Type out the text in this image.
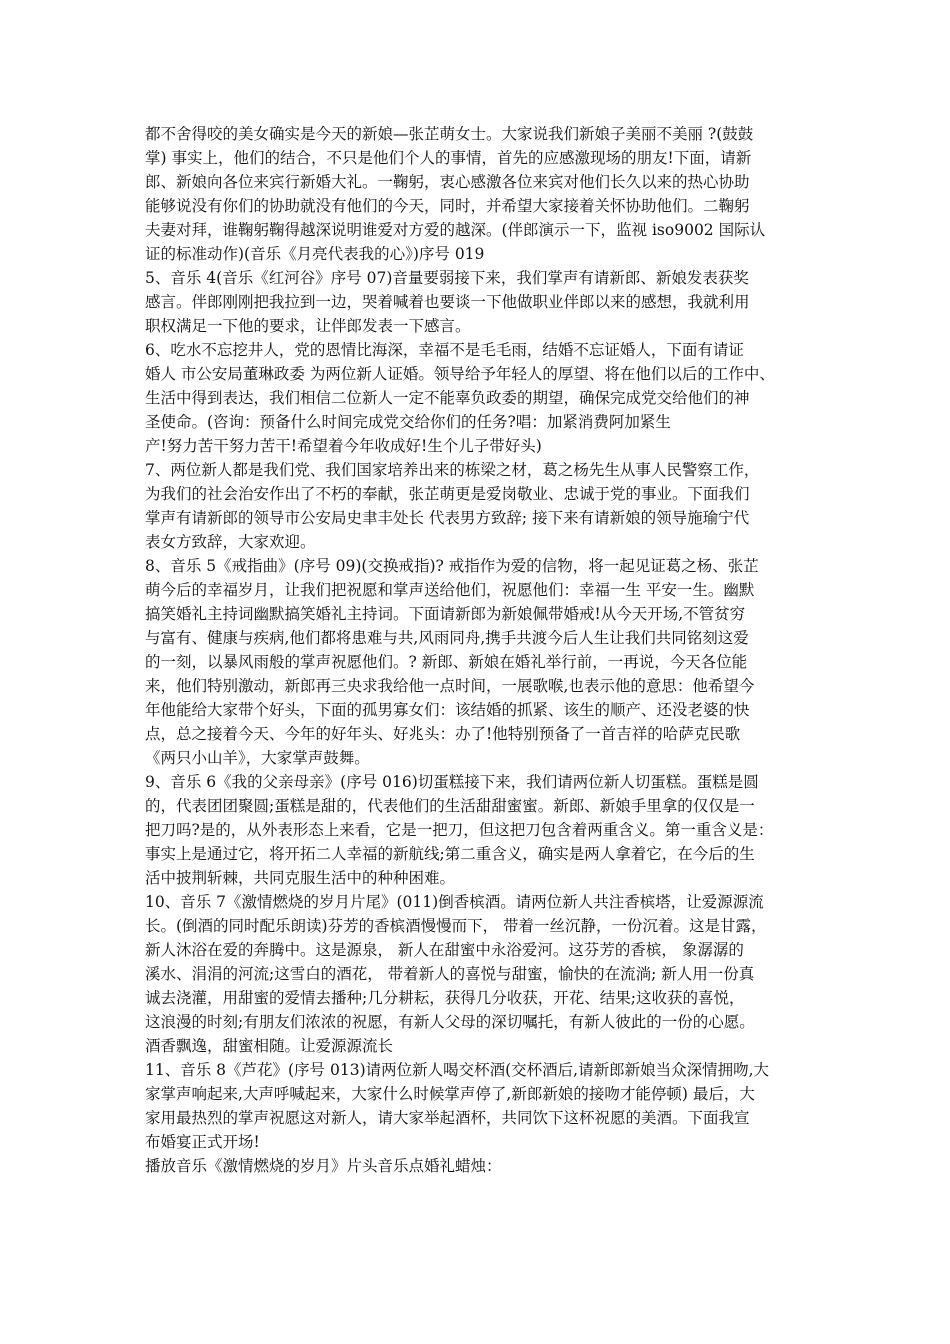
都不舍得咬的美女确实是今天的新娘—张芷萌女士。大家说我们新娘子美丽不美丽 ?(鼓鼓
掌) 事实上，他们的结合，不只是他们个人的事情，首先的应感激现场的朋友!下面，请新
郎、新娘向各位来宾行新婚大礼。一鞠躬，衷心感激各位来宾对他们长久以来的热心协助
能够说没有你们的协助就没有他们的今天，同时，并希望大家接着关怀协助他们。二鞠躬
夫妻对拜，谁鞠躬鞠得越深说明谁爱对方爱的越深。(伴郎演示一下，监视 iso9002 国际认
证的标准动作)(音乐《月亮代表我的心》)序号 019
5、音乐 4(音乐《红河谷》序号 07)音量要弱接下来，我们掌声有请新郎、新娘发表获奖
感言。伴郎刚刚把我拉到一边，哭着喊着也要谈一下他做职业伴郎以来的感想，我就利用
职权满足一下他的要求，让伴郎发表一下感言。
6、吃水不忘挖井人，党的恩情比海深，幸福不是毛毛雨，结婚不忘证婚人，下面有请证
婚人 市公安局董琳政委 为两位新人证婚。领导给予年轻人的厚望、将在他们以后的工作中、
生活中得到表达，我们相信二位新人一定不能辜负政委的期望，确保完成党交给他们的神
圣使命。(咨询：预备什么时间完成党交给你们的任务?唱：加紧消费阿加紧生
产!努力苦干努力苦干!希望着今年收成好!生个儿子带好头)
7、两位新人都是我们党、我们国家培养出来的栋梁之材，葛之杨先生从事人民警察工作，
为我们的社会治安作出了不朽的奉献，张芷萌更是爱岗敬业、忠诚于党的事业。下面我们
掌声有请新郎的领导市公安局史聿丰处长 代表男方致辞; 接下来有请新娘的领导施瑜宁代
表女方致辞，大家欢迎。
8、音乐 5《戒指曲》(序号 09)(交换戒指)? 戒指作为爱的信物，将一起见证葛之杨、张芷
萌今后的幸福岁月，让我们把祝愿和掌声送给他们，祝愿他们：幸福一生 平安一生。幽默
搞笑婚礼主持词幽默搞笑婚礼主持词。下面请新郎为新娘佩带婚戒!从今天开场,不管贫穷
与富有、健康与疾病,他们都将患难与共,风雨同舟,携手共渡今后人生让我们共同铭刻这爱
的一刻，以暴风雨般的掌声祝愿他们。? 新郎、新娘在婚礼举行前，一再说，今天各位能
来，他们特别激动，新郎再三央求我给他一点时间，一展歌喉,也表示他的意思：他希望今
年他能给大家带个好头，下面的孤男寡女们：该结婚的抓紧、该生的顺产、还没老婆的快
点，总之接着今天、今年的好年头、好兆头：办了!他特别预备了一首吉祥的哈萨克民歌
《两只小山羊》，大家掌声鼓舞。
9、音乐 6《我的父亲母亲》(序号 016)切蛋糕接下来，我们请两位新人切蛋糕。蛋糕是圆
的，代表团团聚圆;蛋糕是甜的，代表他们的生活甜甜蜜蜜。新郎、新娘手里拿的仅仅是一
把刀吗?是的，从外表形态上来看，它是一把刀，但这把刀包含着两重含义。第一重含义是：
事实上是通过它，将开拓二人幸福的新航线;第二重含义，确实是两人拿着它，在今后的生
活中披荆斩棘，共同克服生活中的种种困难。
10、音乐 7《激情燃烧的岁月片尾》(011)倒香槟酒。请两位新人共注香槟塔，让爱源源流
长。(倒酒的同时配乐朗读)芬芳的香槟酒慢慢而下， 带着一丝沉静，一份沉着。这是甘露，
新人沐浴在爱的奔腾中。这是源泉， 新人在甜蜜中永浴爱河。这芬芳的香槟， 象潺潺的
溪水、涓涓的河流;这雪白的酒花， 带着新人的喜悦与甜蜜，愉快的在流淌; 新人用一份真
诚去浇灌，用甜蜜的爱情去播种;几分耕耘，获得几分收获，开花、结果;这收获的喜悦，
这浪漫的时刻;有朋友们浓浓的祝愿，有新人父母的深切嘱托，有新人彼此的一份的心愿。
酒香飘逸，甜蜜相随。让爱源源流长
11、音乐 8《芦花》(序号 013)请两位新人喝交杯酒(交杯酒后,请新郎新娘当众深情拥吻,大
家掌声响起来,大声呼喊起来，大家什么时候掌声停了,新郎新娘的接吻才能停顿) 最后，大
家用最热烈的掌声祝愿这对新人，请大家举起酒杯，共同饮下这杯祝愿的美酒。下面我宣
布婚宴正式开场!
播放音乐《激情燃烧的岁月》片头音乐点婚礼蜡烛：
